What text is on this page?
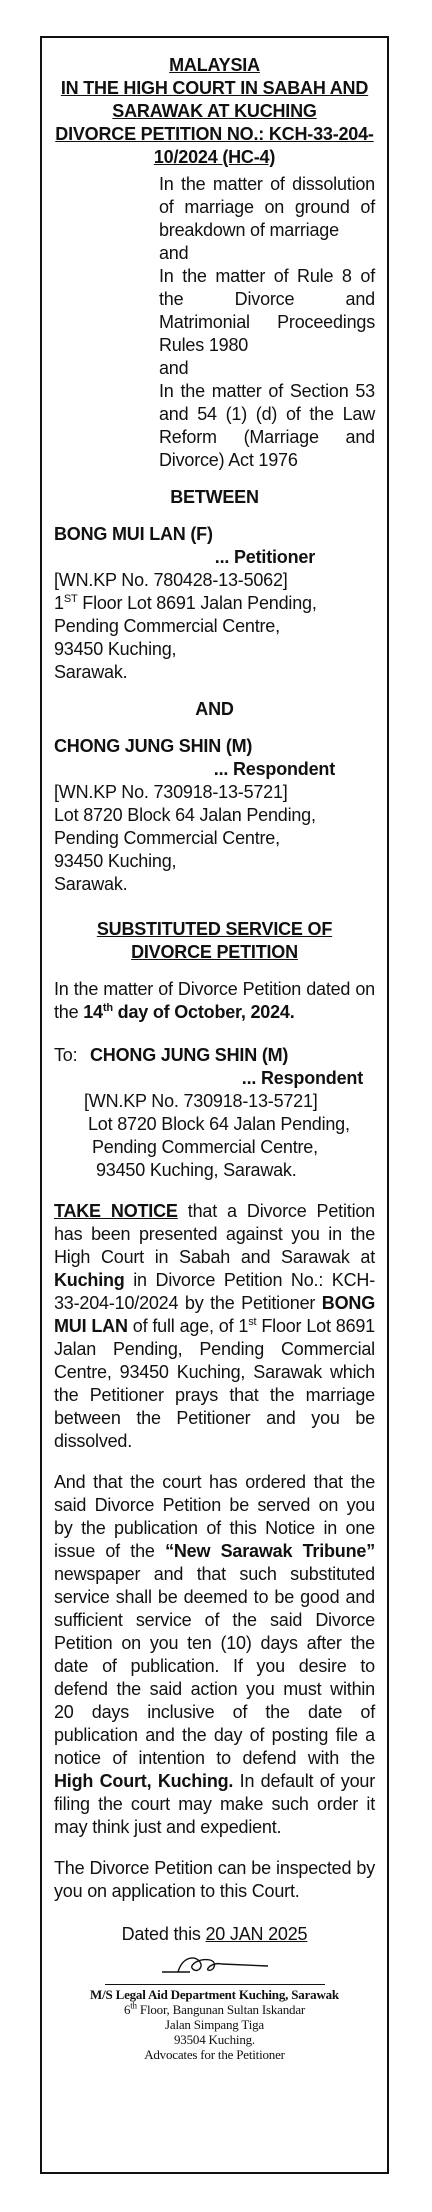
MALAYSIA
IN THE HIGH COURT IN SABAH AND
SARAWAK AT KUCHING
DIVORCE PETITION NO.: KCH-33-204-
10/2024 (HC-4)
In the matter of dissolution of marriage on ground of breakdown of marriage
and
In the matter of Rule 8 of the Divorce and Matrimonial Proceedings Rules 1980
and
In the matter of Section 53 and 54 (1) (d) of the Law Reform (Marriage and Divorce) Act 1976
BETWEEN
BONG MUI LAN (F)
... Petitioner
[WN.KP No. 780428-13-5062]
1ST Floor Lot 8691 Jalan Pending,
Pending Commercial Centre,
93450 Kuching,
Sarawak.
AND
CHONG JUNG SHIN (M)
... Respondent
[WN.KP No. 730918-13-5721]
Lot 8720 Block 64 Jalan Pending,
Pending Commercial Centre,
93450 Kuching,
Sarawak.
SUBSTITUTED SERVICE OF
DIVORCE PETITION
In the matter of Divorce Petition dated on the 14th day of October, 2024.
To: CHONG JUNG SHIN (M)
... Respondent
[WN.KP No. 730918-13-5721]
Lot 8720 Block 64 Jalan Pending,
Pending Commercial Centre,
93450 Kuching, Sarawak.
TAKE NOTICE that a Divorce Petition has been presented against you in the High Court in Sabah and Sarawak at Kuching in Divorce Petition No.: KCH-33-204-10/2024 by the Petitioner BONG MUI LAN of full age, of 1st Floor Lot 8691 Jalan Pending, Pending Commercial Centre, 93450 Kuching, Sarawak which the Petitioner prays that the marriage between the Petitioner and you be dissolved.
And that the court has ordered that the said Divorce Petition be served on you by the publication of this Notice in one issue of the “New Sarawak Tribune” newspaper and that such substituted service shall be deemed to be good and sufficient service of the said Divorce Petition on you ten (10) days after the date of publication. If you desire to defend the said action you must within 20 days inclusive of the date of publication and the day of posting file a notice of intention to defend with the High Court, Kuching. In default of your filing the court may make such order it may think just and expedient.
The Divorce Petition can be inspected by you on application to this Court.
Dated this 20 JAN 2025
M/S Legal Aid Department Kuching, Sarawak
6th Floor, Bangunan Sultan Iskandar
Jalan Simpang Tiga
93504 Kuching.
Advocates for the Petitioner
